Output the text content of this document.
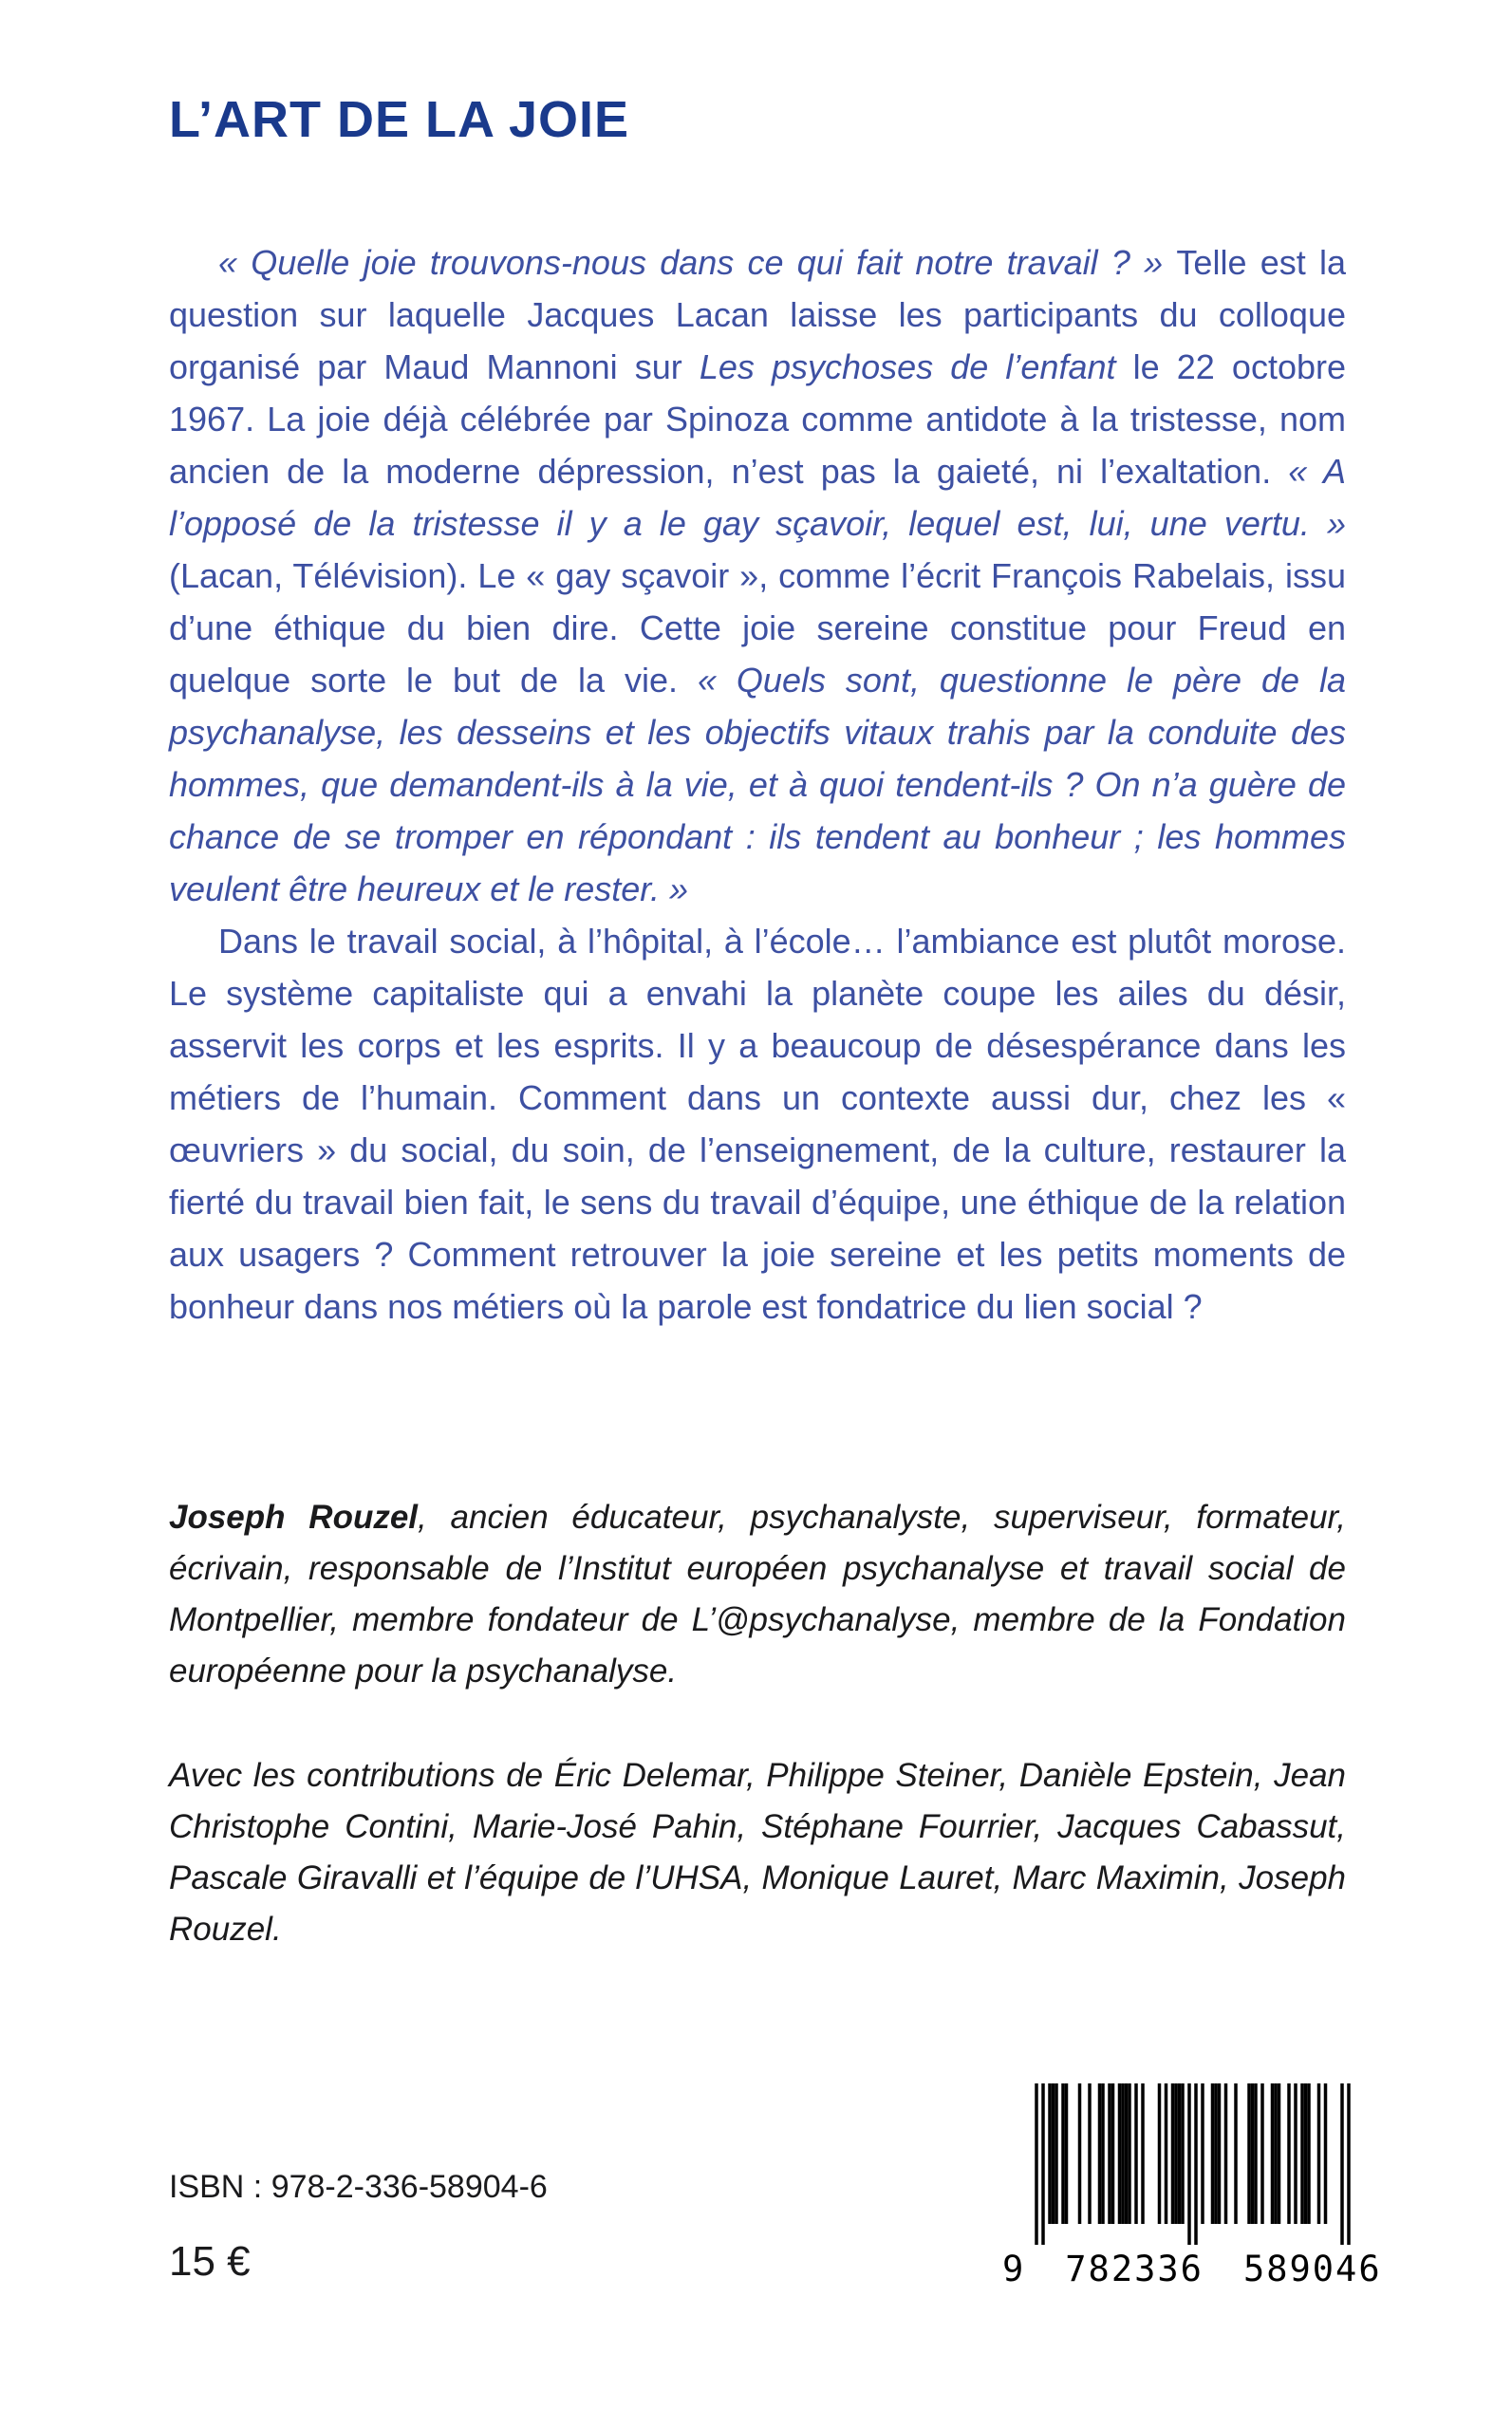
L’ART DE LA JOIE

« Quelle joie trouvons-nous dans ce qui fait notre travail ? » Telle est la question sur laquelle Jacques Lacan laisse les participants du colloque organisé par Maud Mannoni sur Les psychoses de l’enfant le 22 octobre 1967. La joie déjà célébrée par Spinoza comme antidote à la tristesse, nom ancien de la moderne dépression, n’est pas la gaieté, ni l’exaltation. « A l’opposé de la tristesse il y a le gay sçavoir, lequel est, lui, une vertu. » (Lacan, Télévision). Le « gay sçavoir », comme l’écrit François Rabelais, issu d’une éthique du bien dire. Cette joie sereine constitue pour Freud en quelque sorte le but de la vie. « Quels sont, questionne le père de la psychanalyse, les desseins et les objectifs vitaux trahis par la conduite des hommes, que demandent-ils à la vie, et à quoi tendent-ils ? On n’a guère de chance de se tromper en répondant : ils tendent au bonheur ; les hommes veulent être heureux et le rester. »

Dans le travail social, à l’hôpital, à l’école… l’ambiance est plutôt morose. Le système capitaliste qui a envahi la planète coupe les ailes du désir, asservit les corps et les esprits. Il y a beaucoup de désespérance dans les métiers de l’humain. Comment dans un contexte aussi dur, chez les « œuvriers » du social, du soin, de l’enseignement, de la culture, restaurer la fierté du travail bien fait, le sens du travail d’équipe, une éthique de la relation aux usagers ? Comment retrouver la joie sereine et les petits moments de bonheur dans nos métiers où la parole est fondatrice du lien social ?

Joseph Rouzel, ancien éducateur, psychanalyste, superviseur, formateur, écrivain, responsable de l’Institut européen psychanalyse et travail social de Montpellier, membre fondateur de L’@psychanalyse, membre de la Fondation européenne pour la psychanalyse.

Avec les contributions de Éric Delemar, Philippe Steiner, Danièle Epstein, Jean Christophe Contini, Marie-José Pahin, Stéphane Fourrier, Jacques Cabassut, Pascale Giravalli et l’équipe de l’UHSA, Monique Lauret, Marc Maximin, Joseph Rouzel.

ISBN : 978-2-336-58904-6
15 €	9 782336 589046
